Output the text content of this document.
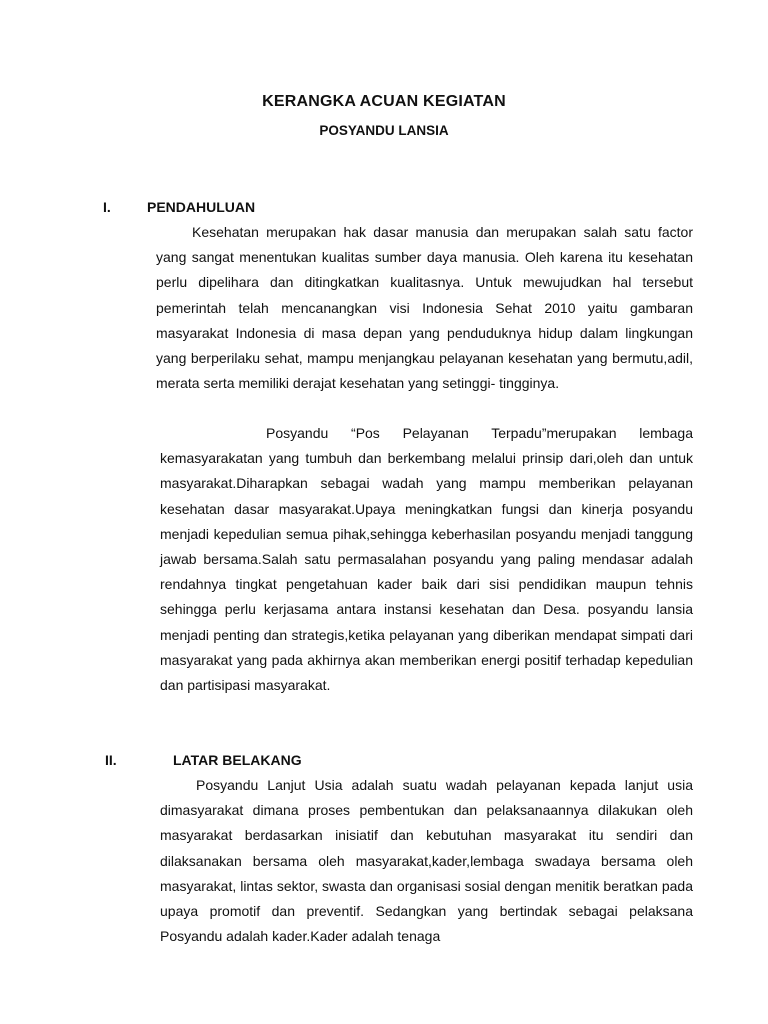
KERANGKA ACUAN KEGIATAN
POSYANDU LANSIA
I.	PENDAHULUAN

Kesehatan merupakan hak dasar manusia dan merupakan salah satu factor yang sangat menentukan kualitas sumber daya manusia. Oleh karena itu kesehatan perlu dipelihara dan ditingkatkan kualitasnya. Untuk mewujudkan hal tersebut pemerintah telah mencanangkan visi Indonesia Sehat 2010 yaitu gambaran masyarakat Indonesia di masa depan yang penduduknya hidup dalam lingkungan yang berperilaku sehat, mampu menjangkau pelayanan kesehatan yang bermutu,adil, merata serta memiliki derajat kesehatan yang setinggi- tingginya.

Posyandu “Pos Pelayanan Terpadu”merupakan lembaga kemasyarakatan yang tumbuh dan berkembang melalui prinsip dari,oleh dan untuk masyarakat.Diharapkan sebagai wadah yang mampu memberikan pelayanan kesehatan dasar masyarakat.Upaya meningkatkan fungsi dan kinerja posyandu menjadi kepedulian semua pihak,sehingga keberhasilan posyandu menjadi tanggung jawab bersama.Salah satu permasalahan posyandu yang paling mendasar adalah rendahnya tingkat pengetahuan kader baik dari sisi pendidikan maupun tehnis sehingga perlu kerjasama antara instansi kesehatan dan Desa. posyandu lansia menjadi penting dan strategis,ketika pelayanan yang diberikan mendapat simpati dari masyarakat yang pada akhirnya akan memberikan energi positif terhadap kepedulian dan partisipasi masyarakat.

II.	LATAR BELAKANG

Posyandu Lanjut Usia adalah suatu wadah pelayanan kepada lanjut usia dimasyarakat dimana proses pembentukan dan pelaksanaannya dilakukan oleh masyarakat berdasarkan inisiatif dan kebutuhan masyarakat itu sendiri dan dilaksanakan bersama oleh masyarakat,kader,lembaga swadaya bersama oleh masyarakat, lintas sektor, swasta dan organisasi sosial dengan menitik beratkan pada upaya promotif dan preventif. Sedangkan yang bertindak sebagai pelaksana Posyandu adalah kader.Kader adalah tenaga
